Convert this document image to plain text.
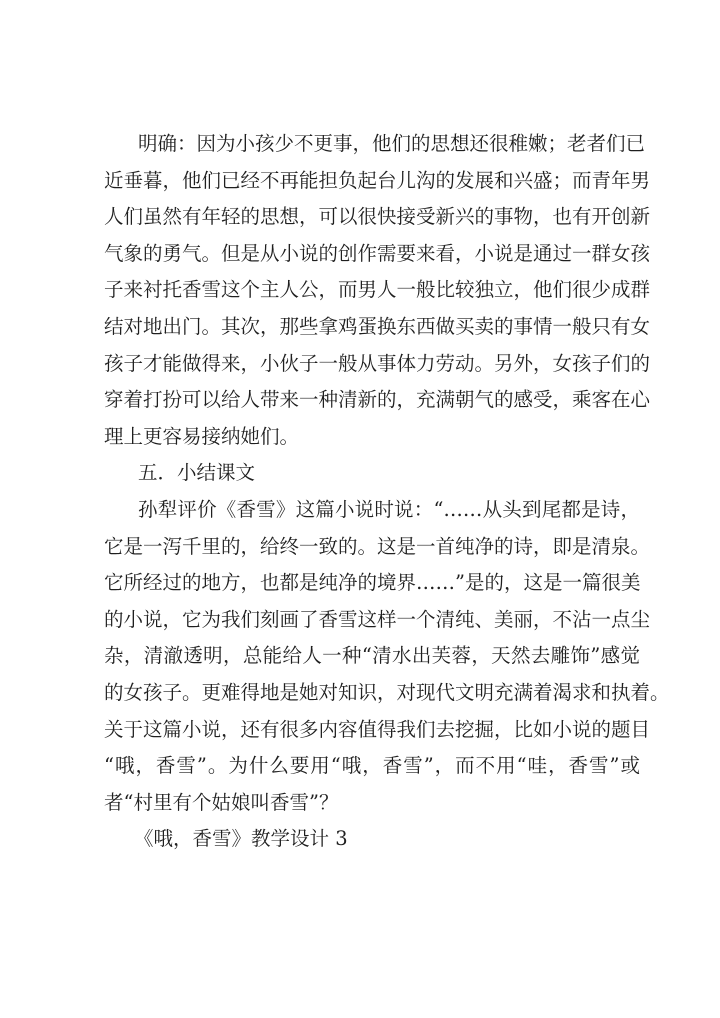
明确：因为小孩少不更事，他们的思想还很稚嫩；老者们已
近垂暮，他们已经不再能担负起台儿沟的发展和兴盛；而青年男
人们虽然有年轻的思想，可以很快接受新兴的事物，也有开创新
气象的勇气。但是从小说的创作需要来看，小说是通过一群女孩
子来衬托香雪这个主人公，而男人一般比较独立，他们很少成群
结对地出门。其次，那些拿鸡蛋换东西做买卖的事情一般只有女
孩子才能做得来，小伙子一般从事体力劳动。另外，女孩子们的
穿着打扮可以给人带来一种清新的，充满朝气的感受，乘客在心
理上更容易接纳她们。
五．小结课文
孙犁评价《香雪》这篇小说时说：“……从头到尾都是诗，
它是一泻千里的，给终一致的。这是一首纯净的诗，即是清泉。
它所经过的地方，也都是纯净的境界……”是的，这是一篇很美
的小说，它为我们刻画了香雪这样一个清纯、美丽，不沾一点尘
杂，清澈透明，总能给人一种“清水出芙蓉，天然去雕饰”感觉
的女孩子。更难得地是她对知识，对现代文明充满着渴求和执着。
关于这篇小说，还有很多内容值得我们去挖掘，比如小说的题目
“哦，香雪”。为什么要用“哦，香雪”，而不用“哇，香雪”或
者“村里有个姑娘叫香雪”？
《哦，香雪》教学设计 3
